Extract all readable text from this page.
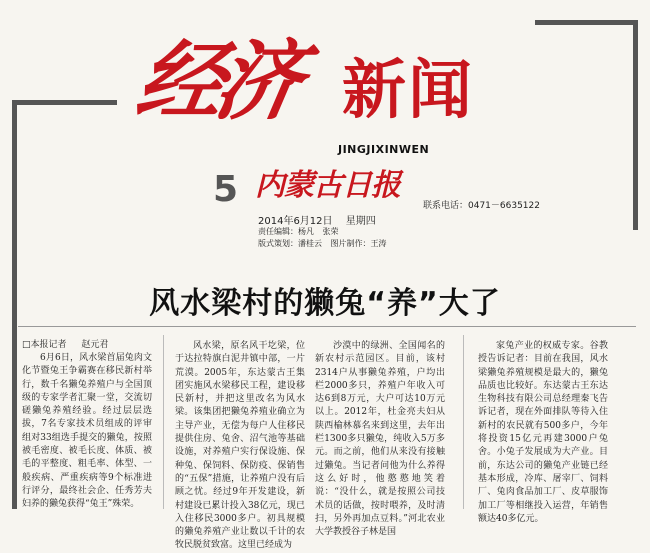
经济 新闻
JINGJIXINWEN
5 内蒙古日报
联系电话：0471－6635122
2014年6月12日 星期四
责任编辑：杨凡 张荣
版式策划：潘桂云 图片制作：王涛
风水梁村的獭兔“养”大了
□本报记者 赵元君

6月6日，风水梁首届兔肉文化节暨兔王争霸赛在移民新村举行，数千名獭兔养殖户与全国顶级的专家学者汇聚一堂，交流切磋獭兔养殖经验。经过层层选拔，7名专家技术员组成的评审组对33组选手提交的獭兔，按照被毛密度、被毛长度、体质、被毛的平整度、粗毛率、体型、一般疾病、严重疾病等9个标准进行评分，最终社会企、任秀芳夫妇养的獭兔获得“兔王”殊荣。

风水梁，原名风干圪梁，位于达拉特旗白泥井镇中部，一片荒漠。2005年，东达蒙古王集团实施风水梁移民工程，建设移民新村，并把这里改名为风水梁。该集团把獭兔养殖业确立为主导产业，无偿为每户人住移民提供住房、兔舍、沼气池等基础设施，对养殖户实行保设施、保种兔、保饲料、保防疫、保销售的“五保”措施，让养殖户没有后顾之忧。经过9年开发建设，新村建设已累计投入38亿元，现已入住移民3000多户。初具规模的獭兔养殖产业让数以千计的农牧民脱贫致富。这里已经成为

沙漠中的绿洲、全国闻名的新农村示范园区。目前，该村2314户从事獭兔养殖，户均出栏2000多只，养殖户年收入可达6到8万元，大户可达10万元以上。2012年，杜金亮夫妇从陕西榆林慕名来到这里，去年出栏1300多只獭兔，纯收入5万多元。而之前，他们从来没有接触过獭兔。当记者问他为什么养得这么好时，他憨憨地笑着说：“没什么，就是按照公司技术员的话做，按时喂养，及时清扫，另外再加点豆料。”河北农业大学教授谷子林是国

家兔产业的权威专家。谷教授告诉记者：目前在我国，风水梁獭兔养殖规模是最大的，獭兔品质也比较好。东达蒙古王东达生物科技有限公司总经理秦飞告诉记者，现在外面排队等待入住新村的农民就有500多户，今年将投资15亿元再建3000户兔舍。小兔子发展成为大产业。目前，东达公司的獭兔产业链已经基本形成，冷库、屠宰厂、饲料厂、兔肉食品加工厂、皮草服饰加工厂等相继投入运营，年销售额达40多亿元。
